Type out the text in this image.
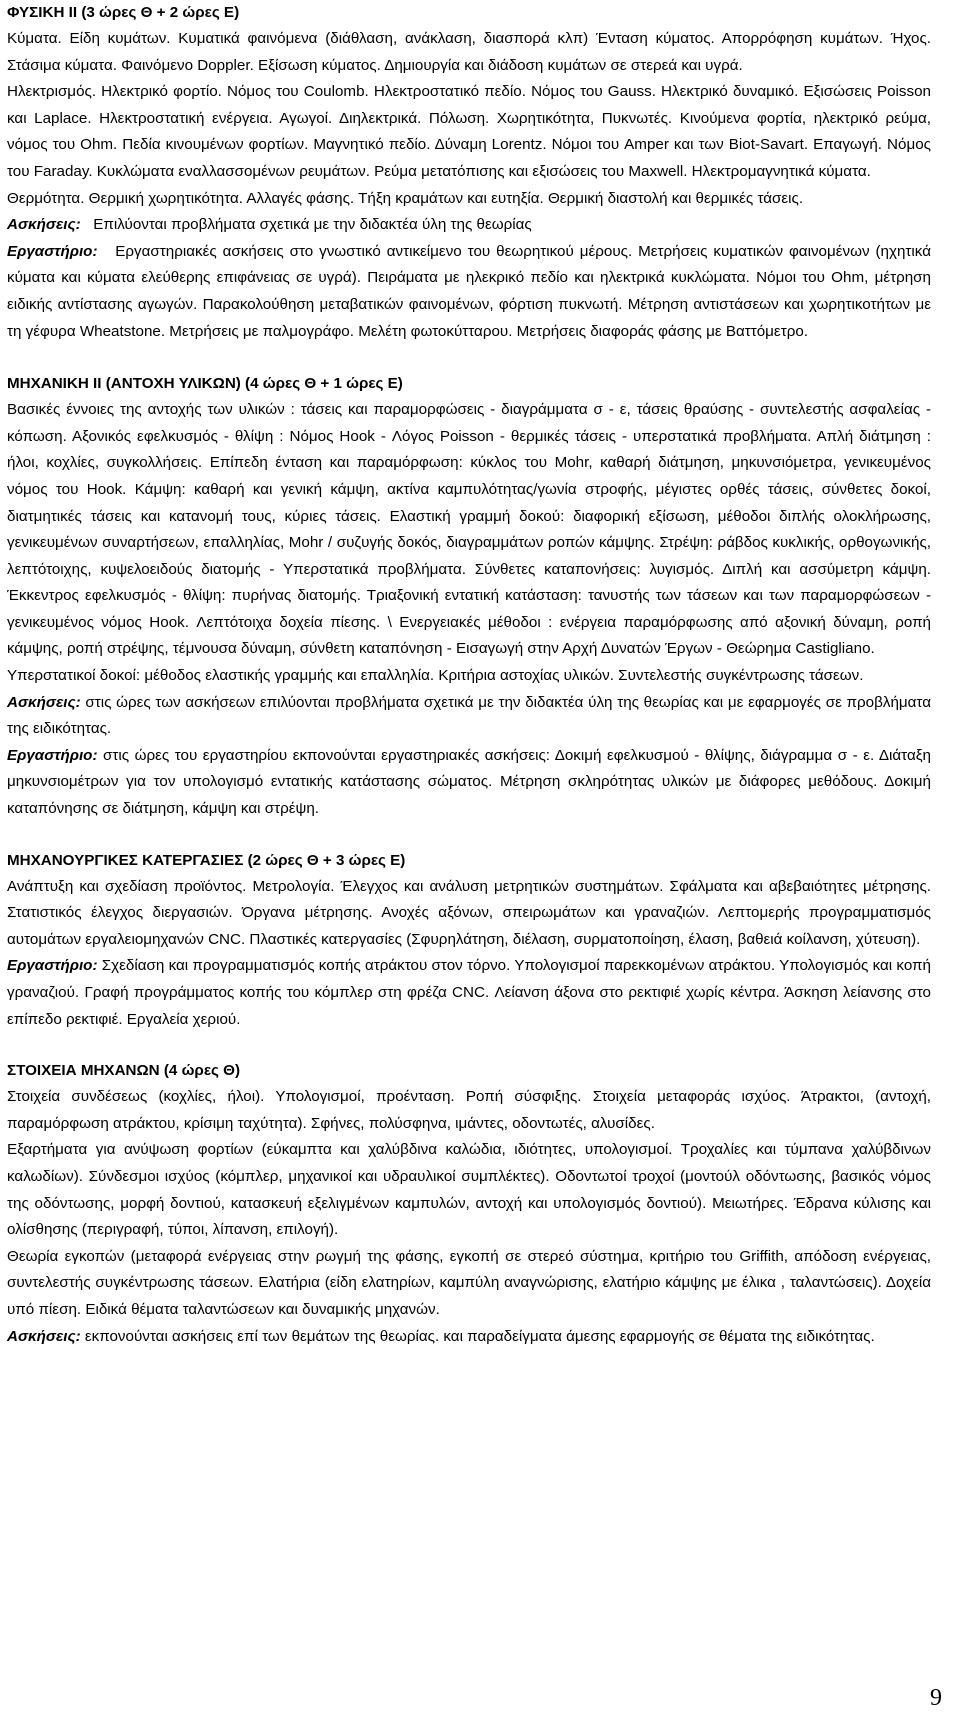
ΦΥΣΙΚΗ ΙΙ (3 ώρες Θ + 2 ώρες Ε)

Κύματα. Είδη κυμάτων. Κυματικά φαινόμενα (διάθλαση, ανάκλαση, διασπορά κλπ) Ένταση κύματος. Απορρόφηση κυμάτων. Ήχος. Στάσιμα κύματα. Φαινόμενο Doppler. Εξίσωση κύματος. Δημιουργία και διάδοση κυμάτων σε στερεά και υγρά.

Ηλεκτρισμός. Ηλεκτρικό φορτίο. Νόμος του Coulomb. Ηλεκτροστατικό πεδίο. Νόμος του Gauss. Ηλεκτρικό δυναμικό. Εξισώσεις Poisson και Laplace. Ηλεκτροστατική ενέργεια. Αγωγοί. Διηλεκτρικά. Πόλωση. Χωρητικότητα, Πυκνωτές. Κινούμενα φορτία, ηλεκτρικό ρεύμα, νόμος του Ohm. Πεδία κινουμένων φορτίων. Μαγνητικό πεδίο. Δύναμη Lorentz. Νόμοι του Amper και των Biot-Savart. Επαγωγή. Νόμος του Faraday. Κυκλώματα εναλλασσομένων ρευμάτων. Ρεύμα μετατόπισης και εξισώσεις του Maxwell. Ηλεκτρομαγνητικά κύματα.

Θερμότητα. Θερμική χωρητικότητα. Αλλαγές φάσης. Τήξη κραμάτων και ευτηξία. Θερμική διαστολή και θερμικές τάσεις.

Ασκήσεις: Επιλύονται προβλήματα σχετικά με την διδακτέα ύλη της θεωρίας

Εργαστήριο: Εργαστηριακές ασκήσεις στο γνωστικό αντικείμενο του θεωρητικού μέρους. Μετρήσεις κυματικών φαινομένων (ηχητικά κύματα και κύματα ελεύθερης επιφάνειας σε υγρά). Πειράματα με ηλεκρικό πεδίο και ηλεκτρικά κυκλώματα. Νόμοι του Ohm, μέτρηση ειδικής αντίστασης αγωγών. Παρακολούθηση μεταβατικών φαινομένων, φόρτιση πυκνωτή. Μέτρηση αντιστάσεων και χωρητικοτήτων με τη γέφυρα Wheatstone. Μετρήσεις με παλμογράφο. Μελέτη φωτοκύτταρου. Μετρήσεις διαφοράς φάσης με Βαττόμετρο.

ΜΗΧΑΝΙΚΗ ΙΙ (ΑΝΤΟΧΗ ΥΛΙΚΩΝ) (4 ώρες Θ + 1 ώρες Ε)

Βασικές έννοιες της αντοχής των υλικών : τάσεις και παραμορφώσεις - διαγράμματα σ - ε, τάσεις θραύσης - συντελεστής ασφαλείας - κόπωση. Αξονικός εφελκυσμός - θλίψη : Νόμος Hook - Λόγος Poisson - θερμικές τάσεις - υπερστατικά προβλήματα. Απλή διάτμηση : ήλοι, κοχλίες, συγκολλήσεις. Επίπεδη ένταση και παραμόρφωση: κύκλος του Mohr, καθαρή διάτμηση, μηκυνσιόμετρα, γενικευμένος νόμος του Hook. Κάμψη: καθαρή και γενική κάμψη, ακτίνα καμπυλότητας/γωνία στροφής, μέγιστες ορθές τάσεις, σύνθετες δοκοί, διατμητικές τάσεις και κατανομή τους, κύριες τάσεις. Ελαστική γραμμή δοκού: διαφορική εξίσωση, μέθοδοι διπλής ολοκλήρωσης, γενικευμένων συναρτήσεων, επαλληλίας, Mohr / συζυγής δοκός, διαγραμμάτων ροπών κάμψης. Στρέψη: ράβδος κυκλικής, ορθογωνικής, λεπτότοιχης, κυψελοειδούς διατομής - Υπερστατικά προβλήματα. Σύνθετες καταπονήσεις: λυγισμός. Διπλή και ασσύμετρη κάμψη. Έκκεντρος εφελκυσμός - θλίψη: πυρήνας διατομής. Τριαξονική εντατική κατάσταση: τανυστής των τάσεων και των παραμορφώσεων - γενικευμένος νόμος Hook. Λεπτότοιχα δοχεία πίεσης. \ Ενεργειακές μέθοδοι : ενέργεια παραμόρφωσης από αξονική δύναμη, ροπή κάμψης, ροπή στρέψης, τέμνουσα δύναμη, σύνθετη καταπόνηση - Εισαγωγή στην Αρχή Δυνατών Έργων - Θεώρημα Castigliano.

Υπερστατικοί δοκοί: μέθοδος ελαστικής γραμμής και επαλληλία. Κριτήρια αστοχίας υλικών. Συντελεστής συγκέντρωσης τάσεων.

Ασκήσεις: στις ώρες των ασκήσεων επιλύονται προβλήματα σχετικά με την διδακτέα ύλη της θεωρίας και με εφαρμογές σε προβλήματα της ειδικότητας.

Εργαστήριο: στις ώρες του εργαστηρίου εκπονούνται εργαστηριακές ασκήσεις: Δοκιμή εφελκυσμού - θλίψης, διάγραμμα σ - ε. Διάταξη μηκυνσιομέτρων για τον υπολογισμό εντατικής κατάστασης σώματος. Μέτρηση σκληρότητας υλικών με διάφορες μεθόδους. Δοκιμή καταπόνησης σε διάτμηση, κάμψη και στρέψη.

ΜΗΧΑΝΟΥΡΓΙΚΕΣ ΚΑΤΕΡΓΑΣΙΕΣ (2 ώρες Θ + 3 ώρες Ε)

Ανάπτυξη και σχεδίαση προϊόντος. Μετρολογία. Έλεγχος και ανάλυση μετρητικών συστημάτων. Σφάλματα και αβεβαιότητες μέτρησης. Στατιστικός έλεγχος διεργασιών. Όργανα μέτρησης. Ανοχές αξόνων, σπειρωμάτων και γραναζιών. Λεπτομερής προγραμματισμός αυτομάτων εργαλειομηχανών CNC. Πλαστικές κατεργασίες (Σφυρηλάτηση, διέλαση, συρματοποίηση, έλαση, βαθειά κοίλανση, χύτευση).

Εργαστήριο: Σχεδίαση και προγραμματισμός κοπής ατράκτου στον τόρνο. Υπολογισμοί παρεκκομένων ατράκτου. Υπολογισμός και κοπή γραναζιού. Γραφή προγράμματος κοπής του κόμπλερ στη φρέζα CNC. Λείανση άξονα στο ρεκτιφιέ χωρίς κέντρα. Άσκηση λείανσης στο επίπεδο ρεκτιφιέ. Εργαλεία χεριού.

ΣΤΟΙΧΕΙΑ ΜΗΧΑΝΩΝ (4 ώρες Θ)

Στοιχεία συνδέσεως (κοχλίες, ήλοι). Υπολογισμοί, προένταση. Ροπή σύσφιξης. Στοιχεία μεταφοράς ισχύος. Άτρακτοι, (αντοχή, παραμόρφωση ατράκτου, κρίσιμη ταχύτητα). Σφήνες, πολύσφηνα, ιμάντες, οδοντωτές, αλυσίδες.

Εξαρτήματα για ανύψωση φορτίων (εύκαμπτα και χαλύβδινα καλώδια, ιδιότητες, υπολογισμοί. Τροχαλίες και τύμπανα χαλύβδινων καλωδίων). Σύνδεσμοι ισχύος (κόμπλερ, μηχανικοί και υδραυλικοί συμπλέκτες). Οδοντωτοί τροχοί (μοντούλ οδόντωσης, βασικός νόμος της οδόντωσης, μορφή δοντιού, κατασκευή εξελιγμένων καμπυλών, αντοχή και υπολογισμός δοντιού). Μειωτήρες. Έδρανα κύλισης και ολίσθησης (περιγραφή, τύποι, λίπανση, επιλογή).

Θεωρία εγκοπών (μεταφορά ενέργειας στην ρωγμή της φάσης, εγκοπή σε στερεό σύστημα, κριτήριο του Griffith, απόδοση ενέργειας, συντελεστής συγκέντρωσης τάσεων. Ελατήρια (είδη ελατηρίων, καμπύλη αναγνώρισης, ελατήριο κάμψης με έλικα , ταλαντώσεις). Δοχεία υπό πίεση. Ειδικά θέματα ταλαντώσεων και δυναμικής μηχανών.

Ασκήσεις: εκπονούνται ασκήσεις επί των θεμάτων της θεωρίας. και παραδείγματα άμεσης εφαρμογής σε θέματα της ειδικότητας.

9
